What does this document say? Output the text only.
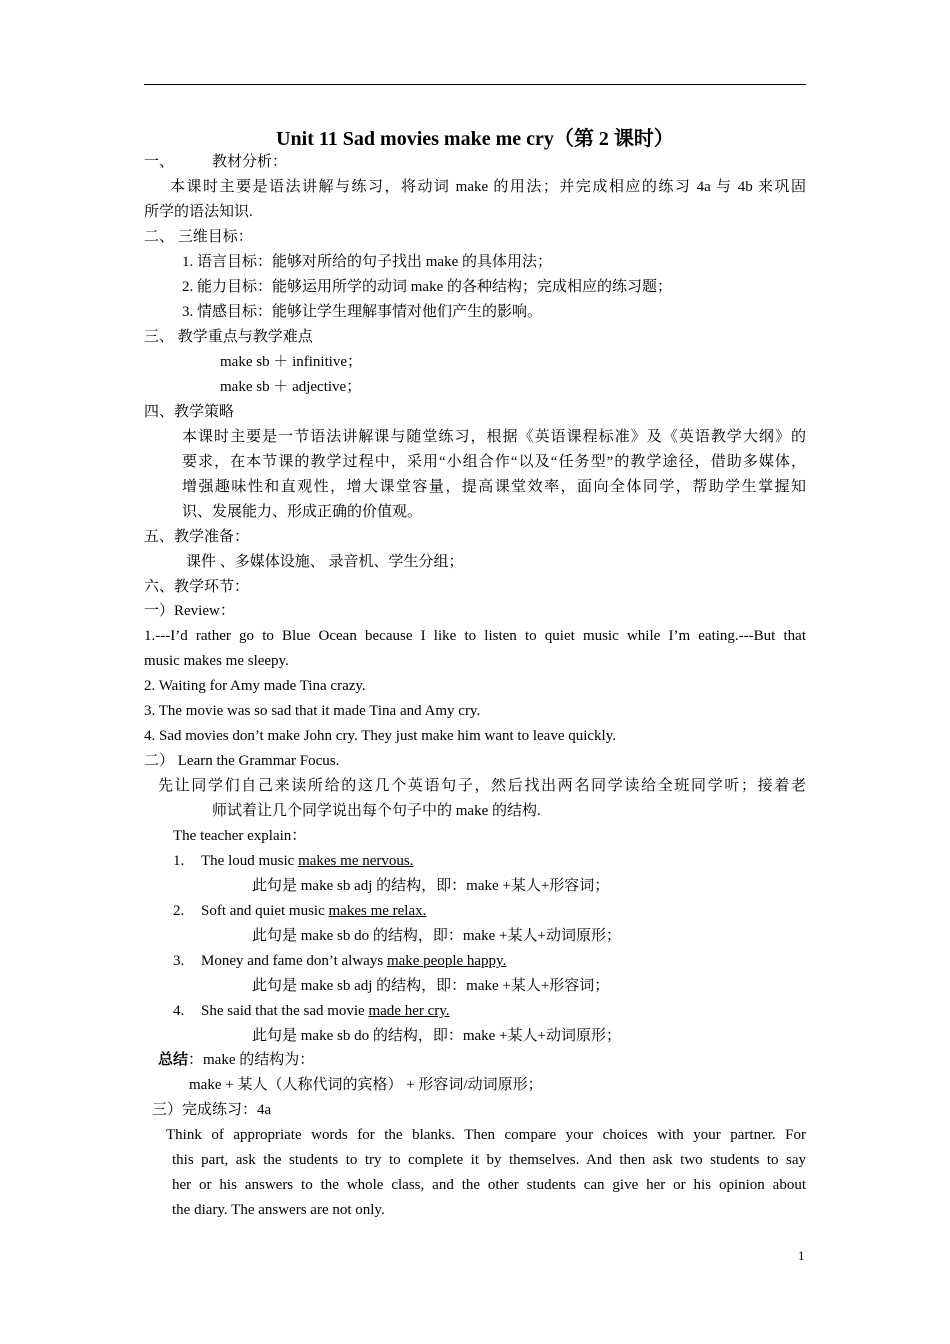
Unit 11 Sad movies make me cry（第 2 课时）
一、	教材分析：
本课时主要是语法讲解与练习，将动词 make 的用法；并完成相应的练习 4a 与 4b 来巩固
所学的语法知识.
二、 三维目标：
1. 语言目标：能够对所给的句子找出 make 的具体用法；
2. 能力目标：能够运用所学的动词 make 的各种结构；完成相应的练习题；
3. 情感目标：能够让学生理解事情对他们产生的影响。
三、 教学重点与教学难点
make sb ＋ infinitive；
make sb ＋ adjective；
四、教学策略
本课时主要是一节语法讲解课与随堂练习，根据《英语课程标准》及《英语教学大纲》的
要求，在本节课的教学过程中，采用“小组合作“以及“任务型”的教学途径，借助多媒体，
增强趣味性和直观性，增大课堂容量，提高课堂效率，面向全体同学，帮助学生掌握知
识、发展能力、形成正确的价值观。
五、教学准备：
课件 、多媒体设施、 录音机、学生分组；
六、教学环节：
一）Review：
1.---I’d rather go to Blue Ocean because I like to listen to quiet music while I’m eating.---But that
music makes me sleepy.
2. Waiting for Amy made Tina crazy.
3. The movie was so sad that it made Tina and Amy cry.
4. Sad movies don’t make John cry. They just make him want to leave quickly.
二） Learn the Grammar Focus.
先让同学们自己来读所给的这几个英语句子，然后找出两名同学读给全班同学听；接着老
师试着让几个同学说出每个句子中的 make 的结构.
The teacher explain：
1. The loud music makes me nervous.
此句是 make sb adj 的结构，即：make +某人+形容词；
2. Soft and quiet music makes me relax.
此句是 make sb do 的结构，即：make +某人+动词原形；
3. Money and fame don’t always make people happy.
此句是 make sb adj 的结构，即：make +某人+形容词；
4. She said that the sad movie made her cry.
此句是 make sb do 的结构，即：make +某人+动词原形；
总结：make 的结构为：
make + 某人（人称代词的宾格） + 形容词/动词原形；
三）完成练习：4a
Think of appropriate words for the blanks. Then compare your choices with your partner. For
this part, ask the students to try to complete it by themselves. And then ask two students to say
her or his answers to the whole class, and the other students can give her or his opinion about
the diary. The answers are not only.
1
